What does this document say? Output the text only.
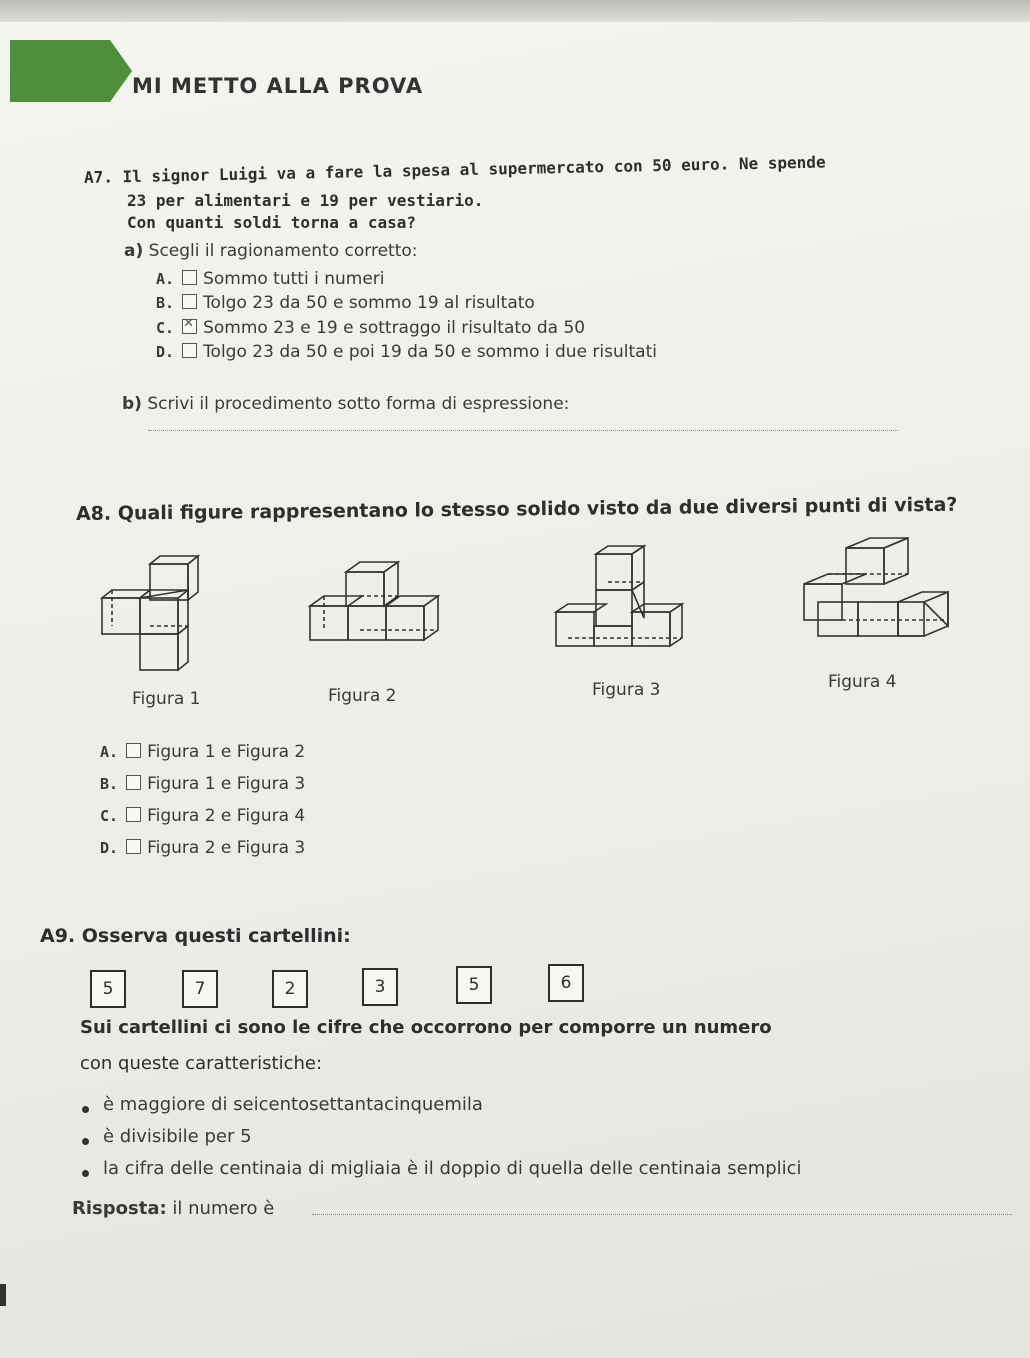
MI METTO ALLA PROVA
A7. Il signor Luigi va a fare la spesa al supermercato con 50 euro. Ne spende
23 per alimentari e 19 per vestiario.
Con quanti soldi torna a casa?
a) Scegli il ragionamento corretto:
A. Sommo tutti i numeri
B. Tolgo 23 da 50 e sommo 19 al risultato
C.✕ Sommo 23 e 19 e sottraggo il risultato da 50
D. Tolgo 23 da 50 e poi 19 da 50 e sommo i due risultati
b) Scrivi il procedimento sotto forma di espressione:
A8. Quali figure rappresentano lo stesso solido visto da due diversi punti di vista?
Figura 1	Figura 2	Figura 3	Figura 4
A. Figura 1 e Figura 2
B. Figura 1 e Figura 3
C. Figura 2 e Figura 4
D. Figura 2 e Figura 3
A9. Osserva questi cartellini:
5	7	2	3	5	6
Sui cartellini ci sono le cifre che occorrono per comporre un numero
con queste caratteristiche:
è maggiore di seicentosettantacinquemila
è divisibile per 5
la cifra delle centinaia di migliaia è il doppio di quella delle centinaia semplici
Risposta: il numero è
